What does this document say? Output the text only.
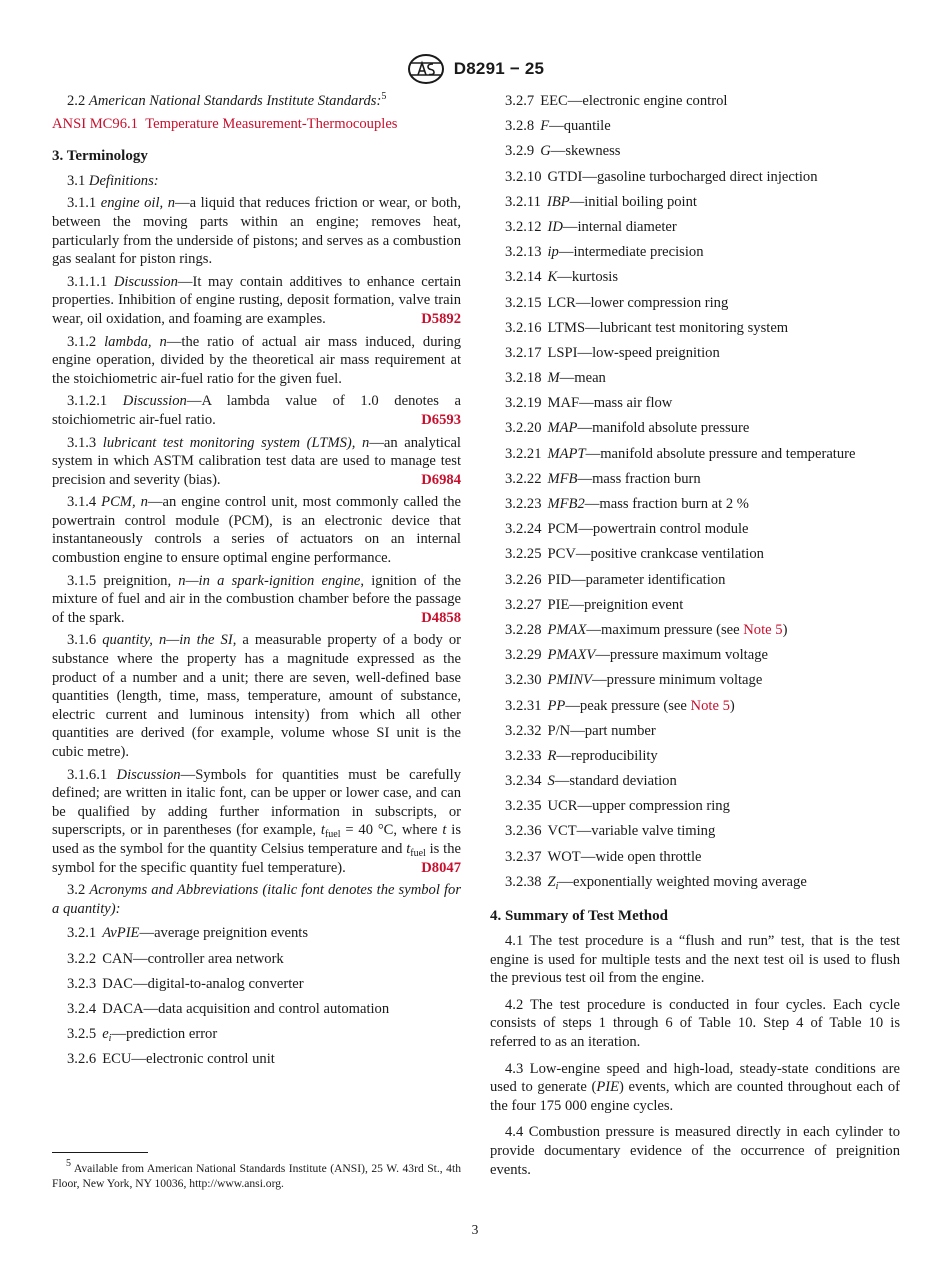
D8291 − 25
2.2 American National Standards Institute Standards:$^5$
ANSI MC96.1 Temperature Measurement-Thermocouples
3. Terminology
3.1 Definitions:
3.1.1 engine oil, n—a liquid that reduces friction or wear, or both, between the moving parts within an engine; removes heat, particularly from the underside of pistons; and serves as a combustion gas sealant for piston rings.
3.1.1.1 Discussion—It may contain additives to enhance certain properties. Inhibition of engine rusting, deposit formation, valve train wear, oil oxidation, and foaming are examples.	D5892
3.1.2 lambda, n—the ratio of actual air mass induced, during engine operation, divided by the theoretical air mass requirement at the stoichiometric air-fuel ratio for the given fuel.
3.1.2.1 Discussion—A lambda value of 1.0 denotes a stoichiometric air-fuel ratio.	D6593
3.1.3 lubricant test monitoring system (LTMS), n—an analytical system in which ASTM calibration test data are used to manage test precision and severity (bias).	D6984
3.1.4 PCM, n—an engine control unit, most commonly called the powertrain control module (PCM), is an electronic device that instantaneously controls a series of actuators on an internal combustion engine to ensure optimal engine performance.
3.1.5 preignition, n—in a spark-ignition engine, ignition of the mixture of fuel and air in the combustion chamber before the passage of the spark.	D4858
3.1.6 quantity, n—in the SI, a measurable property of a body or substance where the property has a magnitude expressed as the product of a number and a unit; there are seven, well-defined base quantities (length, time, mass, temperature, amount of substance, electric current and luminous intensity) from which all other quantities are derived (for example, volume whose SI unit is the cubic metre).
3.1.6.1 Discussion—Symbols for quantities must be carefully defined; are written in italic font, can be upper or lower case, and can be qualified by adding further information in subscripts, or superscripts, or in parentheses (for example, $t_{fuel} = 40$ °C, where t is used as the symbol for the quantity Celsius temperature and $t_{fuel}$ is the symbol for the specific quantity fuel temperature).	D8047
3.2 Acronyms and Abbreviations (italic font denotes the symbol for a quantity):
3.2.1 AvPIE—average preignition events
3.2.2 CAN—controller area network
3.2.3 DAC—digital-to-analog converter
3.2.4 DACA—data acquisition and control automation
3.2.5 $e_i—prediction$ error
3.2.6 ECU—electronic control unit
3.2.7 EEC—electronic engine control
3.2.8 F—quantile
3.2.9 G—skewness
3.2.10 GTDI—gasoline turbocharged direct injection
3.2.11 IBP—initial boiling point
3.2.12 ID—internal diameter
3.2.13 ip—intermediate precision
3.2.14 K—kurtosis
3.2.15 LCR—lower compression ring
3.2.16 LTMS—lubricant test monitoring system
3.2.17 LSPI—low-speed preignition
3.2.18 M—mean
3.2.19 MAF—mass air flow
3.2.20 MAP—manifold absolute pressure
3.2.21 MAPT—manifold absolute pressure and temperature
3.2.22 MFB—mass fraction burn
3.2.23 MFB2—mass fraction burn at 2 %
3.2.24 PCM—powertrain control module
3.2.25 PCV—positive crankcase ventilation
3.2.26 PID—parameter identification
3.2.27 PIE—preignition event
3.2.28 PMAX—maximum pressure (see Note 5)
3.2.29 PMAXV—pressure maximum voltage
3.2.30 PMINV—pressure minimum voltage
3.2.31 PP—peak pressure (see Note 5)
3.2.32 P/N—part number
3.2.33 R—reproducibility
3.2.34 S—standard deviation
3.2.35 UCR—upper compression ring
3.2.36 VCT—variable valve timing
3.2.37 WOT—wide open throttle
3.2.38 $Z_i—exponentially$ weighted moving average
4. Summary of Test Method
4.1 The test procedure is a “flush and run” test, that is the test engine is used for multiple tests and the next test oil is used to flush the previous test oil from the engine.
4.2 The test procedure is conducted in four cycles. Each cycle consists of steps 1 through 6 of Table 10. Step 4 of Table 10 is referred to as an iteration.
4.3 Low-engine speed and high-load, steady-state conditions are used to generate (PIE) events, which are counted throughout each of the four 175 000 engine cycles.
4.4 Combustion pressure is measured directly in each cylinder to provide documentary evidence of the occurrence of preignition events.
$^5$ Available from American National Standards Institute (ANSI), 25 W. 43rd St., 4th Floor, New York, NY 10036, http://www.ansi.org.
3
